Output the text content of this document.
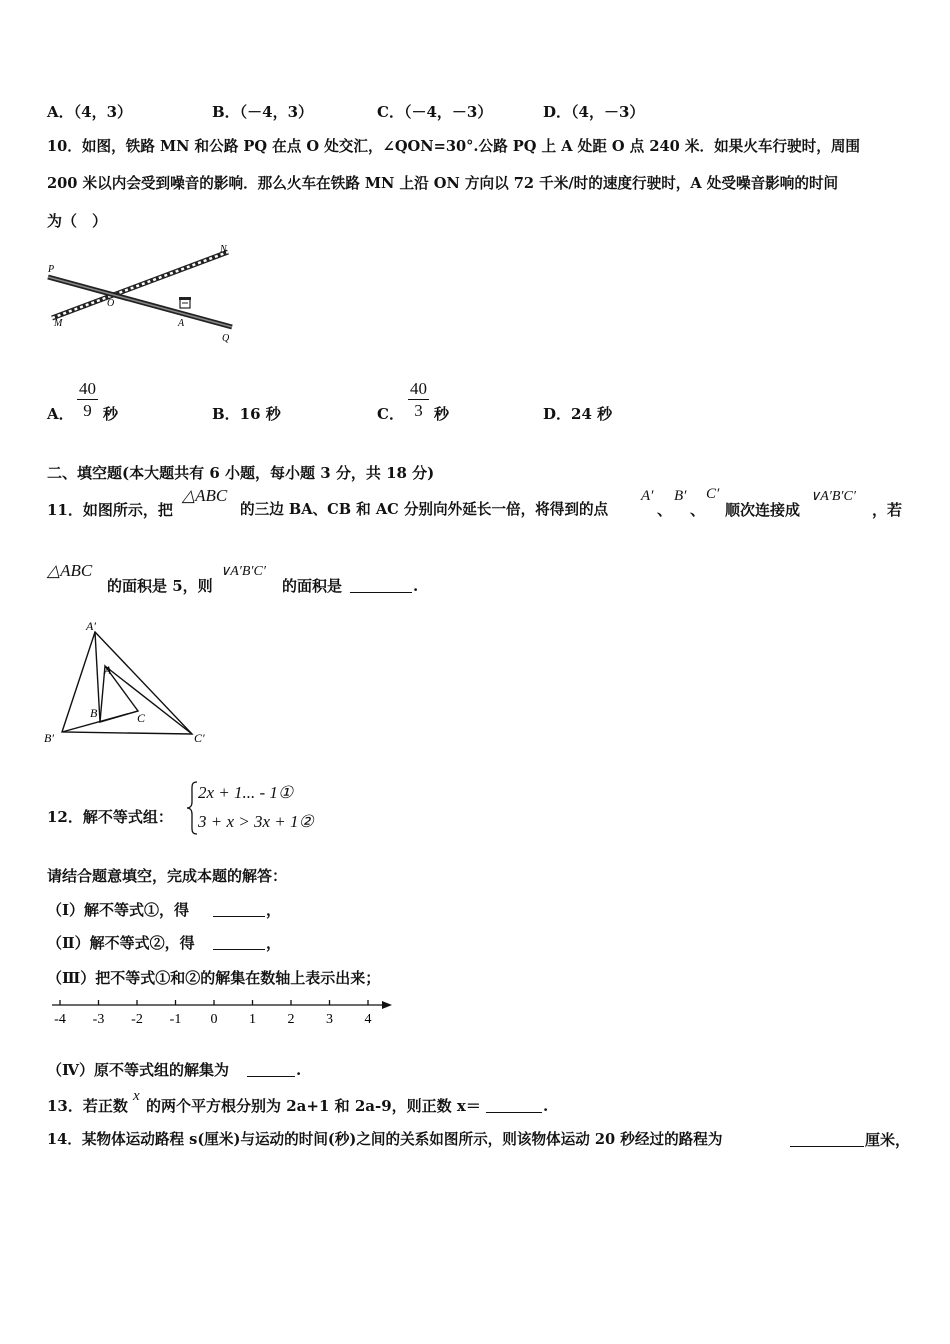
A．（4，3）	B．（－4，3）	C．（－4，－3）	D．（4，－3）
10．如图，铁路 MN 和公路 PQ 在点 O 处交汇，∠QON=30°.公路 PQ 上 A 处距 O 点 240 米．如果火车行驶时，周围
200 米以内会受到噪音的影响．那么火车在铁路 MN 上沿 ON 方向以 72 千米/时的速度行驶时，A 处受噪音影响的时间
为（　）
P
N
O
A
M
Q
A． $\frac{40}{9}$ 秒	B．16 秒	C． $\frac{40}{3}$ 秒	D．24 秒
二、填空题(本大题共有 6 小题，每小题 3 分，共 18 分)
11．如图所示，把
△ABC
的三边 BA、CB 和 AC 分别向外延长一倍，将得到的点
A′
、
B′
、
C′
顺次连接成
∨A′B′C′
，若
△ABC
的面积是 5，则
∨A′B′C′
的面积是	.
A′
A
B	C
B′	C′
12．解不等式组：
2x + 1... - 1①
3 + x > 3x + 1②
请结合题意填空，完成本题的解答：
（Ⅰ）解不等式①，得	，
（Ⅱ）解不等式②，得	，
（Ⅲ）把不等式①和②的解集在数轴上表示出来；
-4 -3 -2 -1 0 1 2 3 4
（Ⅳ）原不等式组的解集为	.
13．若正数
x
的两个平方根分别为 2a+1 和 2a-9，则正数 x＝	.
14．某物体运动路程 s(厘米)与运动的时间(秒)之间的关系如图所示，则该物体运动 20 秒经过的路程为	厘米，
